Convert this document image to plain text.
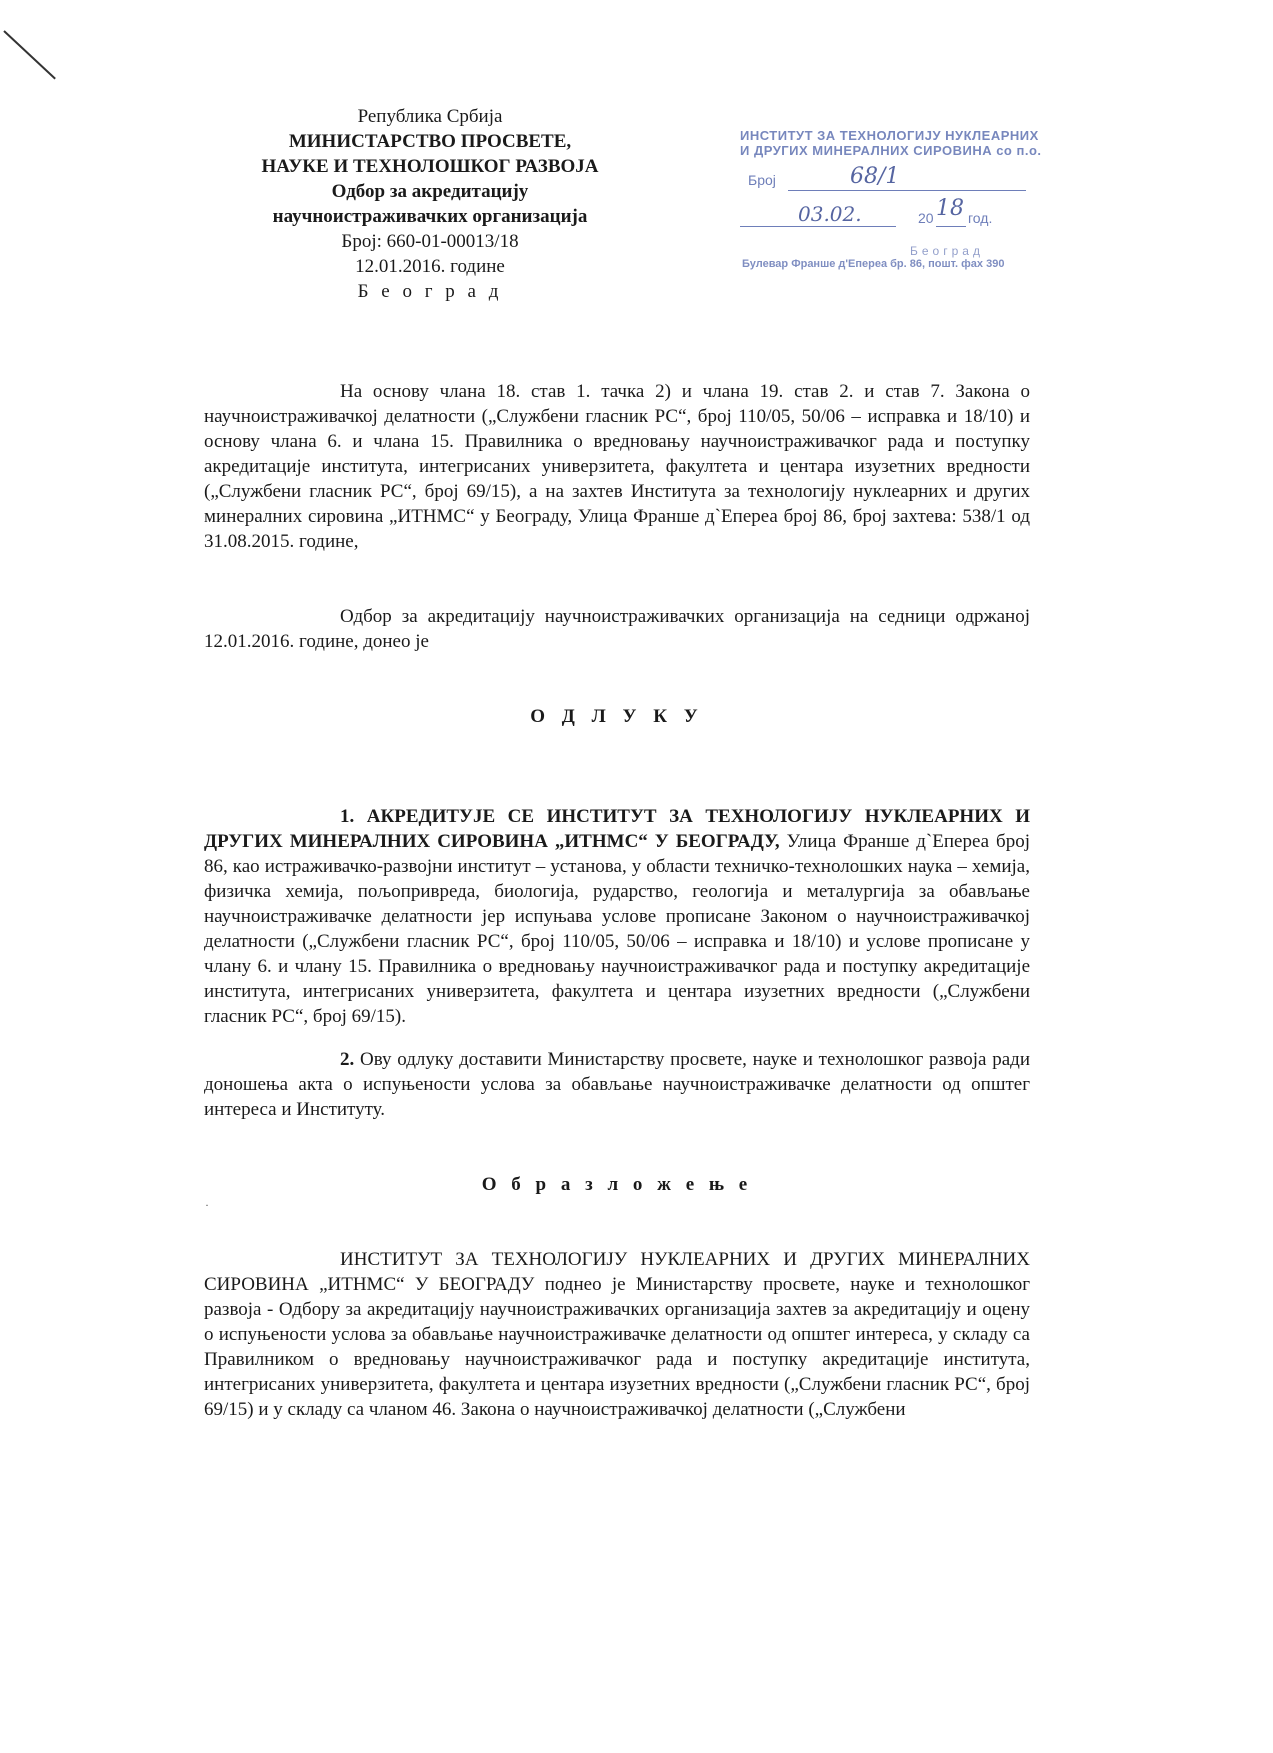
Република Србија
МИНИСТАРСТВО ПРОСВЕТЕ,
НАУКЕ И ТЕХНОЛОШКОГ РАЗВОЈА
Одбор за акредитацију
научноистраживачких организација
Број: 660-01-00013/18
12.01.2016. године
Б е о г р а д
ИНСТИТУТ ЗА ТЕХНОЛОГИЈУ НУКЛЕАРНИХ
И ДРУГИХ МИНЕРАЛНИХ СИРОВИНА со п.о.
Број	68/1
03.02.	20 18 год.
Београд
Булевар Франше д'Епереа бр. 86, пошт. фах 390

На основу члана 18. став 1. тачка 2) и члана 19. став 2. и став 7. Закона о научноистраживачкој делатности („Службени гласник РС“, број 110/05, 50/06 – исправка и 18/10) и основу члана 6. и члана 15. Правилника о вредновању научноистраживачког рада и поступку акредитације института, интегрисаних универзитета, факултета и центара изузетних вредности („Службени гласник РС“, број 69/15), а на захтев Института за технологију нуклеарних и других минералних сировина „ИТНМС“ у Београду, Улица Франше д`Епереа број 86, број захтева: 538/1 од 31.08.2015. године,

Одбор за акредитацију научноистраживачких организација на седници одржаној 12.01.2016. године, донео је

О Д Л У К У

1. АКРЕДИТУЈЕ СЕ ИНСТИТУТ ЗА ТЕХНОЛОГИЈУ НУКЛЕАРНИХ И ДРУГИХ МИНЕРАЛНИХ СИРОВИНА „ИТНМС“ У БЕОГРАДУ, Улица Франше д`Епереа број 86, као истраживачко-развојни институт – установа, у области техничко-технолошких наука – хемија, физичка хемија, пољопривреда, биологија, рударство, геологија и металургија за обављање научноистраживачке делатности јер испуњава услове прописане Законом о научноистраживачкој делатности („Службени гласник РС“, број 110/05, 50/06 – исправка и 18/10) и услове прописане у члану 6. и члану 15. Правилника о вредновању научноистраживачког рада и поступку акредитације института, интегрисаних универзитета, факултета и центара изузетних вредности („Службени гласник РС“, број 69/15).

2. Ову одлуку доставити Министарству просвете, науке и технолошког развоја ради доношења акта о испуњености услова за обављање научноистраживачке делатности од општег интереса и Институту.

О б р а з л о ж е њ е

ИНСТИТУТ ЗА ТЕХНОЛОГИЈУ НУКЛЕАРНИХ И ДРУГИХ МИНЕРАЛНИХ СИРОВИНА „ИТНМС“ У БЕОГРАДУ поднео је Министарству просвете, науке и технолошког развоја - Одбору за акредитацију научноистраживачких организација захтев за акредитацију и оцену о испуњености услова за обављање научноистраживачке делатности од општег интереса, у складу са Правилником о вредновању научноистраживачког рада и поступку акредитације института, интегрисаних универзитета, факултета и центара изузетних вредности („Службени гласник РС“, број 69/15) и у складу са чланом 46. Закона о научноистраживачкој делатности („Службени

·
